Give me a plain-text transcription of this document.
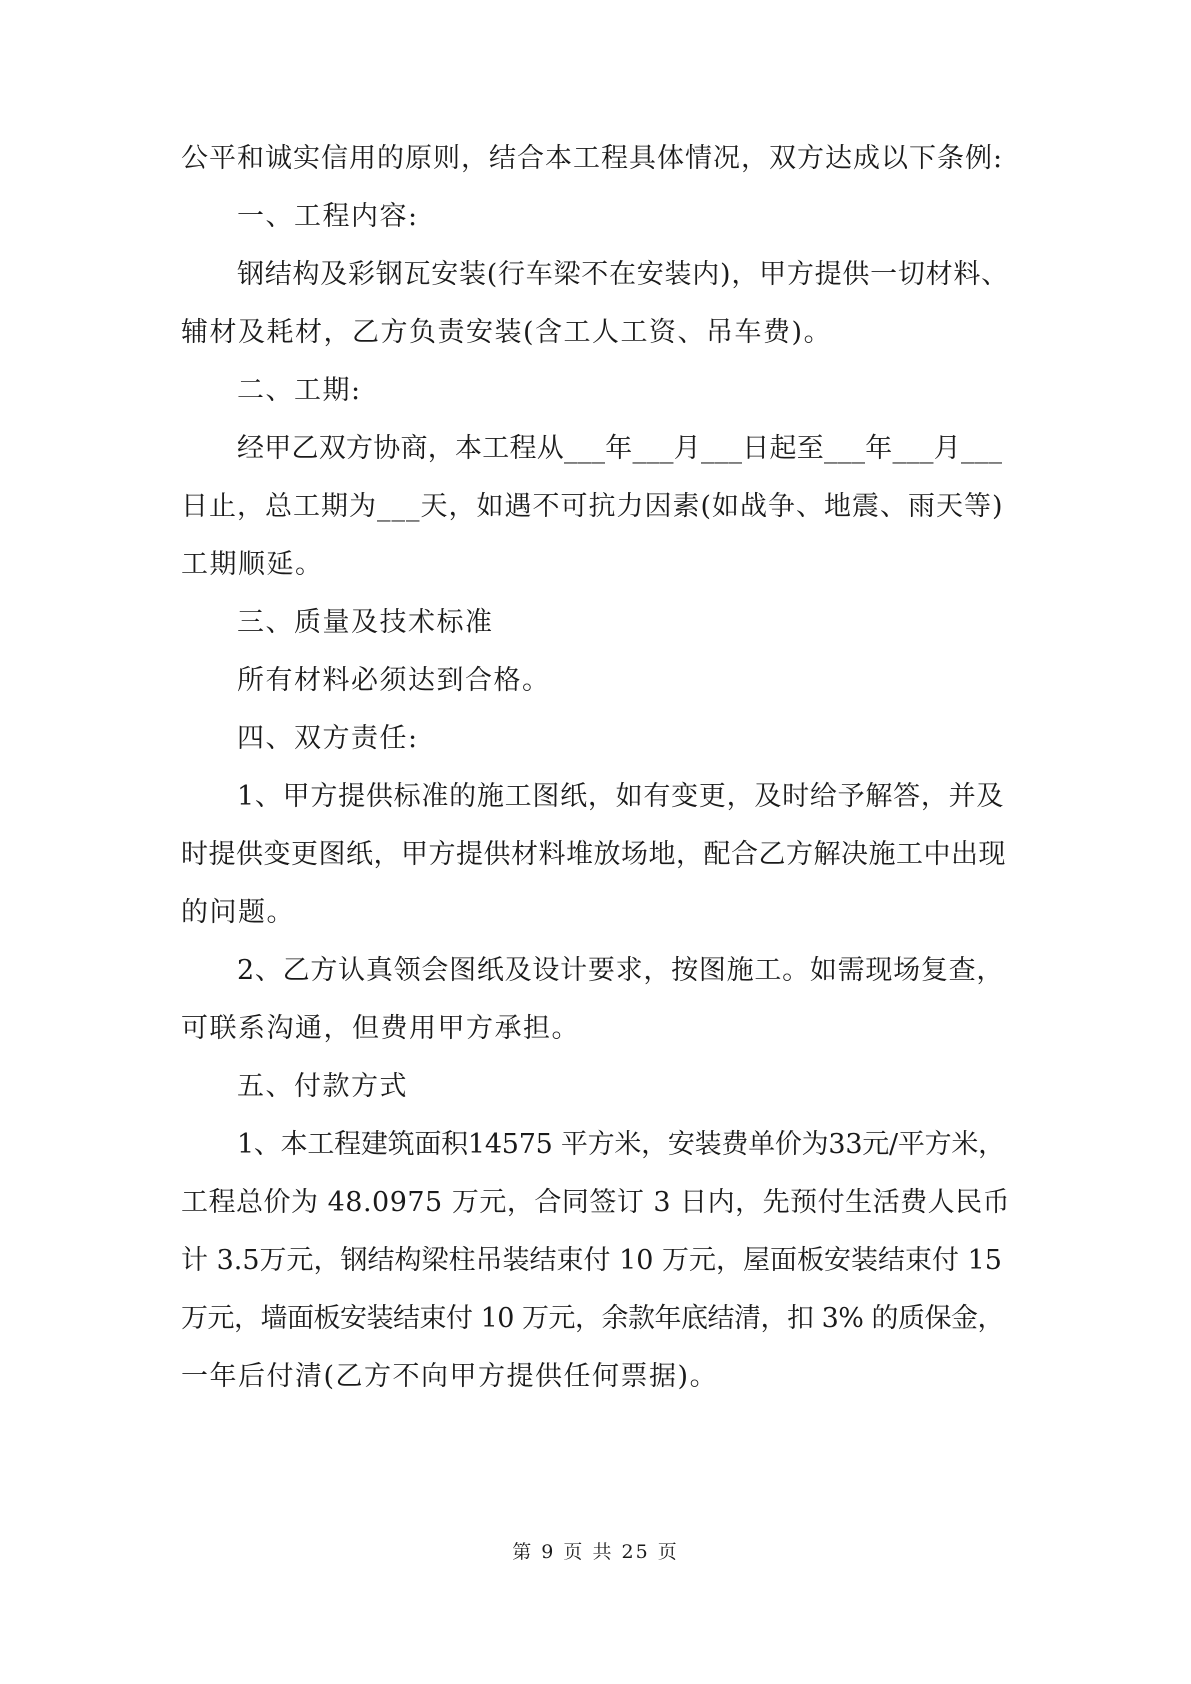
公平和诚实信用的原则，结合本工程具体情况，双方达成以下条例:
一、工程内容:
钢结构及彩钢瓦安装(行车梁不在安装内)，甲方提供一切材料、
辅材及耗材，乙方负责安装(含工人工资、吊车费)。
二、工期:
经甲乙双方协商，本工程从___年___月___日起至___年___月___
日止，总工期为___天，如遇不可抗力因素(如战争、地震、雨天等)
工期顺延。
三、质量及技术标准
所有材料必须达到合格。
四、双方责任:
1、甲方提供标准的施工图纸，如有变更，及时给予解答，并及
时提供变更图纸，甲方提供材料堆放场地，配合乙方解决施工中出现
的问题。
2、乙方认真领会图纸及设计要求，按图施工。如需现场复查，
可联系沟通，但费用甲方承担。
五、付款方式
1、本工程建筑面积14575 平方米，安装费单价为33元/平方米，
工程总价为 48.0975 万元，合同签订 3 日内，先预付生活费人民币
计 3.5万元，钢结构梁柱吊装结束付 10 万元，屋面板安装结束付 15
万元，墙面板安装结束付 10 万元，余款年底结清，扣 3% 的质保金，
一年后付清(乙方不向甲方提供任何票据)。
第 9 页 共 25 页
